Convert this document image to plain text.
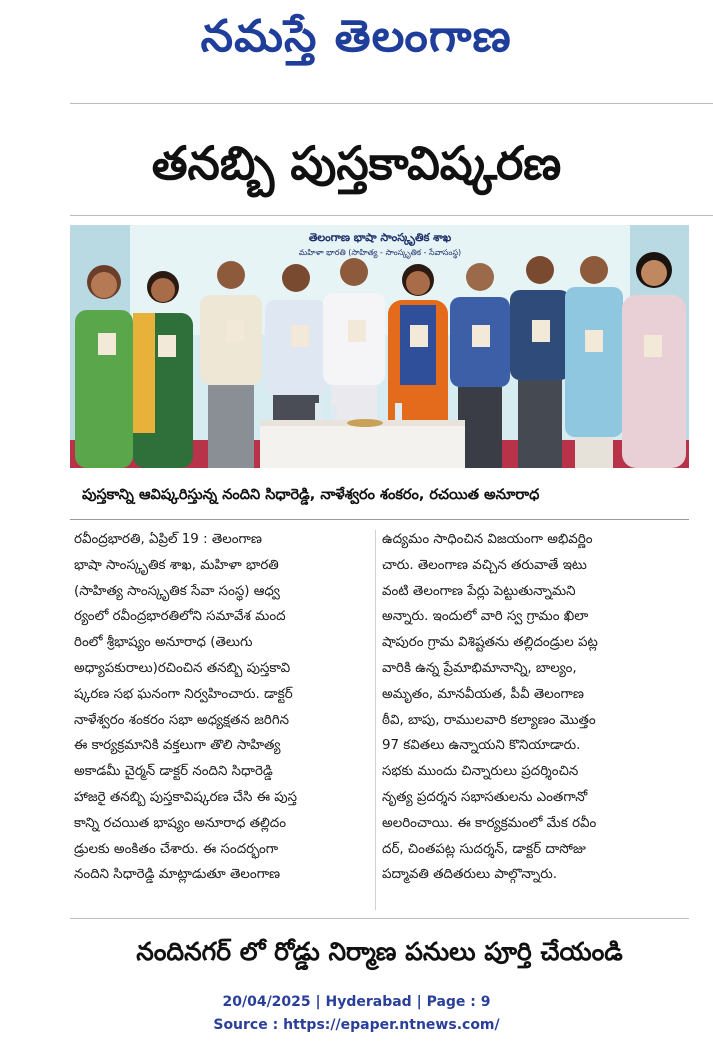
నమస్తే తెలంగాణ
తనబ్బి పుస్తకావిష్కరణ
తెలంగాణ భాషా సాంస్కృతిక శాఖ
మహిళా భారతి (సాహిత్య - సాంస్కృతిక - సేవాసంస్థ)
పుస్తకాన్ని ఆవిష్కరిస్తున్న నందిని సిధారెడ్డి, నాళేశ్వరం శంకరం, రచయిత అనూరాధ

రవీంద్రభారతి, ఏప్రిల్ 19 : తెలంగాణ

భాషా సాంస్కృతిక శాఖ, మహిళా భారతి

(సాహిత్య సాంస్కృతిక సేవా సంస్థ) ఆధ్వ

ర్యంలో రవీంద్రభారతిలోని సమావేశ మంద

రింలో శ్రీభాష్యం అనూరాధ (తెలుగు

అధ్యాపకురాలు)రచించిన తనబ్బి పుస్తకావి

ష్కరణ సభ ఘనంగా నిర్వహించారు. డాక్టర్

నాళేశ్వరం శంకరం సభా అధ్యక్షతన జరిగిన

ఈ కార్యక్రమానికి వక్తలుగా తొలి సాహిత్య

అకాడమీ చైర్మన్ డాక్టర్ నందిని సిధారెడ్డి

హాజరై తనబ్బి పుస్తకావిష్కరణ చేసి ఈ పుస్త

కాన్ని రచయిత భాష్యం అనూరాధ తల్లిదం

డ్రులకు అంకితం చేశారు. ఈ సందర్భంగా

నందిని సిధారెడ్డి మాట్లాడుతూ తెలంగాణ

ఉద్యమం సాధించిన విజయంగా అభివర్ణిం

చారు. తెలంగాణ వచ్చిన తరువాతే ఇటు

వంటి తెలంగాణ పేర్లు పెట్టుతున్నామని

అన్నారు. ఇందులో వారి స్వ గ్రామం ఖిలా

షాపురం గ్రామ విశిష్టతను తల్లిదండ్రుల పట్ల

వారికి ఉన్న ప్రేమాభిమానాన్ని, బాల్యం,

అమృతం, మానవీయత, పీవీ తెలంగాణ

ఠీవి, బాపు, రాములవారి కల్యాణం మొత్తం

97 కవితలు ఉన్నాయని కొనియాడారు.

సభకు ముందు చిన్నారులు ప్రదర్శించిన

నృత్య ప్రదర్శన సభాసతులను ఎంతగానో

అలరించాయి. ఈ కార్యక్రమంలో మేక రవీం

దర్, చింతపట్ల సుదర్శన్, డాక్టర్ దాసోజు

పద్మావతి తదితరులు పాల్గొన్నారు.

నందినగర్ లో రోడ్డు నిర్మాణ పనులు పూర్తి చేయండి
20/04/2025 | Hyderabad | Page : 9
Source : https://epaper.ntnews.com/
